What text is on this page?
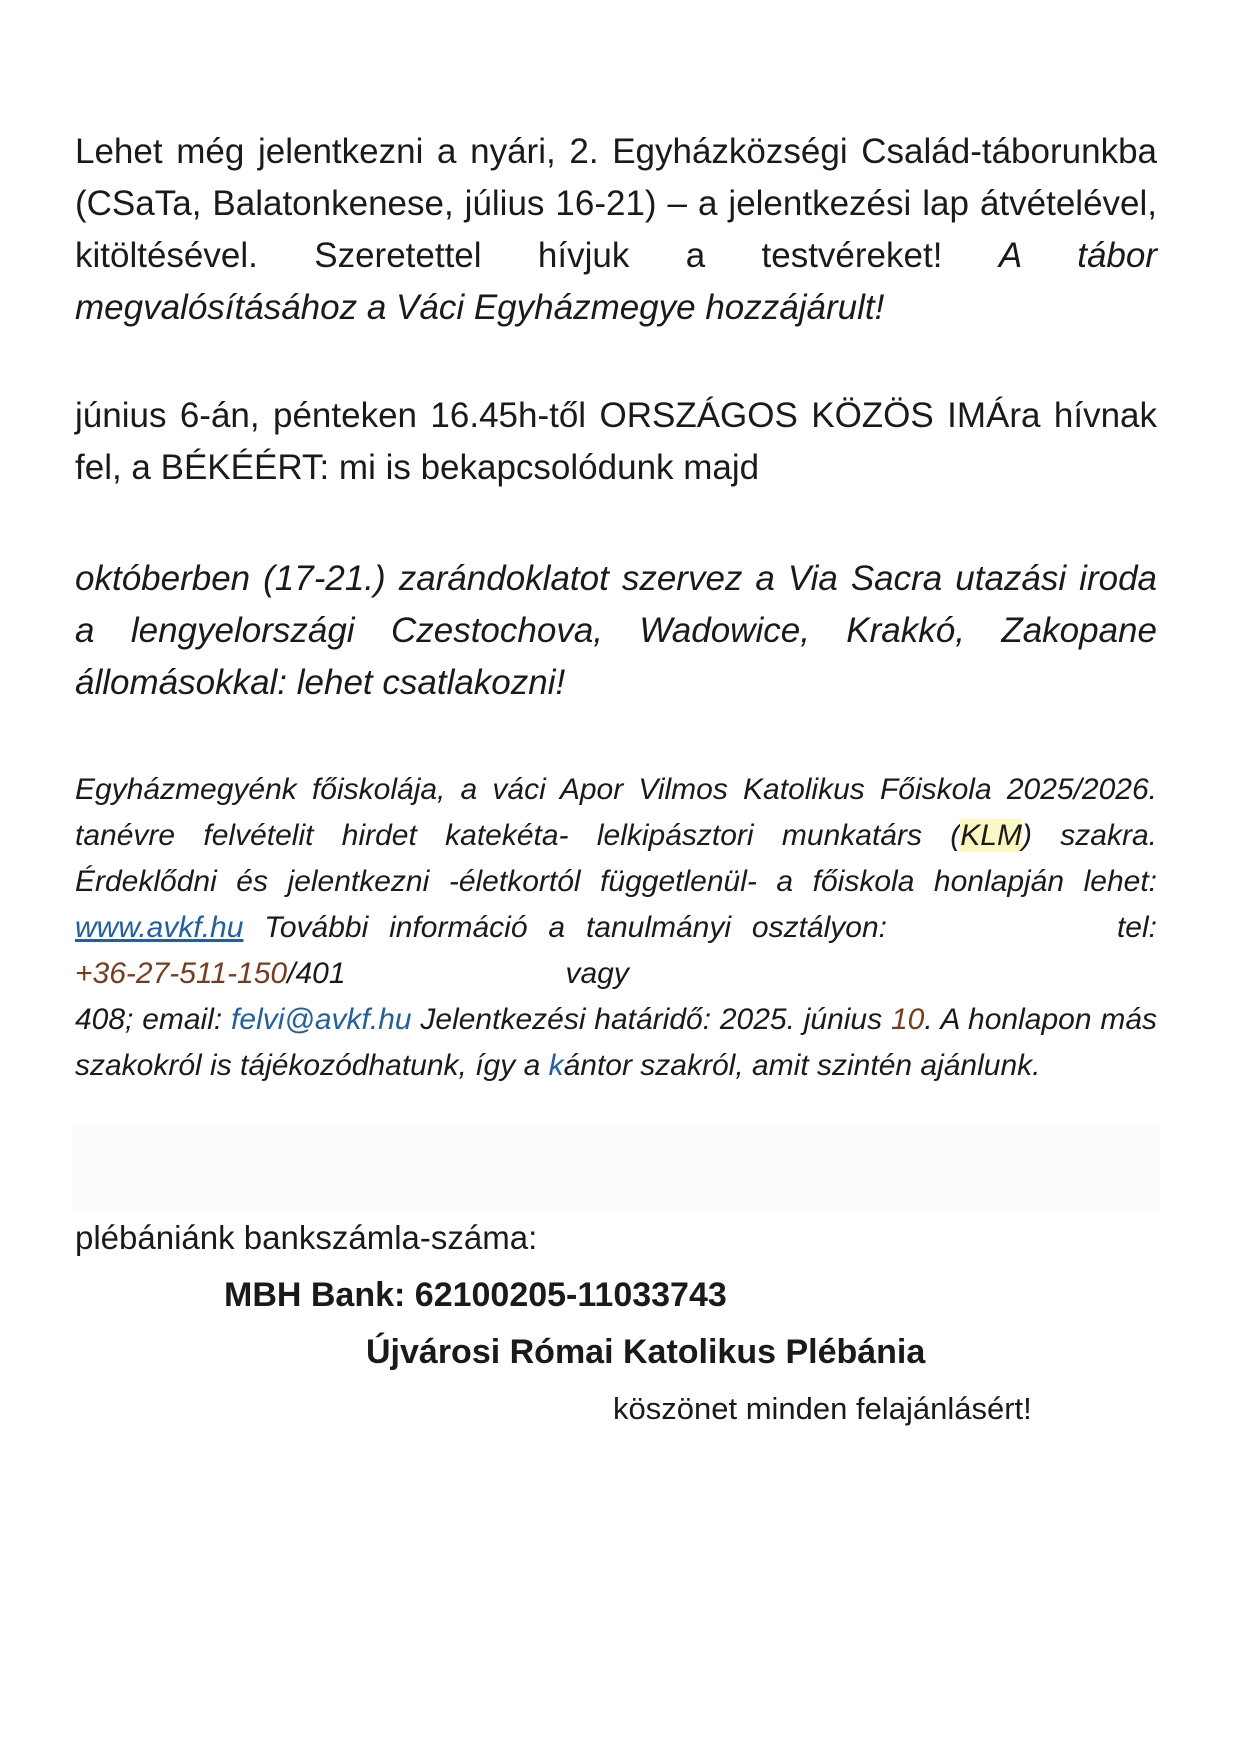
Lehet még jelentkezni a nyári, 2. Egyházközségi Család-táborunkba (CSaTa, Balatonkenese, július 16-21) – a jelentkezési lap átvételével, kitöltésével. Szeretettel hívjuk a testvéreket! A tábor megvalósításához a Váci Egyházmegye hozzájárult!

június 6-án, pénteken 16.45h-től ORSZÁGOS KÖZÖS IMÁra hívnak fel, a BÉKÉÉRT: mi is bekapcsolódunk majd

októberben (17-21.) zarándoklatot szervez a Via Sacra utazási iroda a lengyelországi Czestochova, Wadowice, Krakkó, Zakopane állomásokkal: lehet csatlakozni!

Egyházmegyénk főiskolája, a váci Apor Vilmos Katolikus Főiskola 2025/2026. tanévre felvételit hirdet katekéta- lelkipásztori munkatárs (KLM) szakra. Érdeklődni és jelentkezni -életkortól függetlenül- a főiskola honlapján lehet: www.avkf.hu További információ a tanulmányi osztályon:	tel: +36-27-511-150/401	vagy
408; email: felvi@avkf.hu Jelentkezési határidő: 2025. június 10. A honlapon más szakokról is tájékozódhatunk, így a kántor szakról, amit szintén ajánlunk.

plébániánk bankszámla-száma:
MBH Bank: 62100205-11033743
Újvárosi Római Katolikus Plébánia
köszönet minden felajánlásért!
